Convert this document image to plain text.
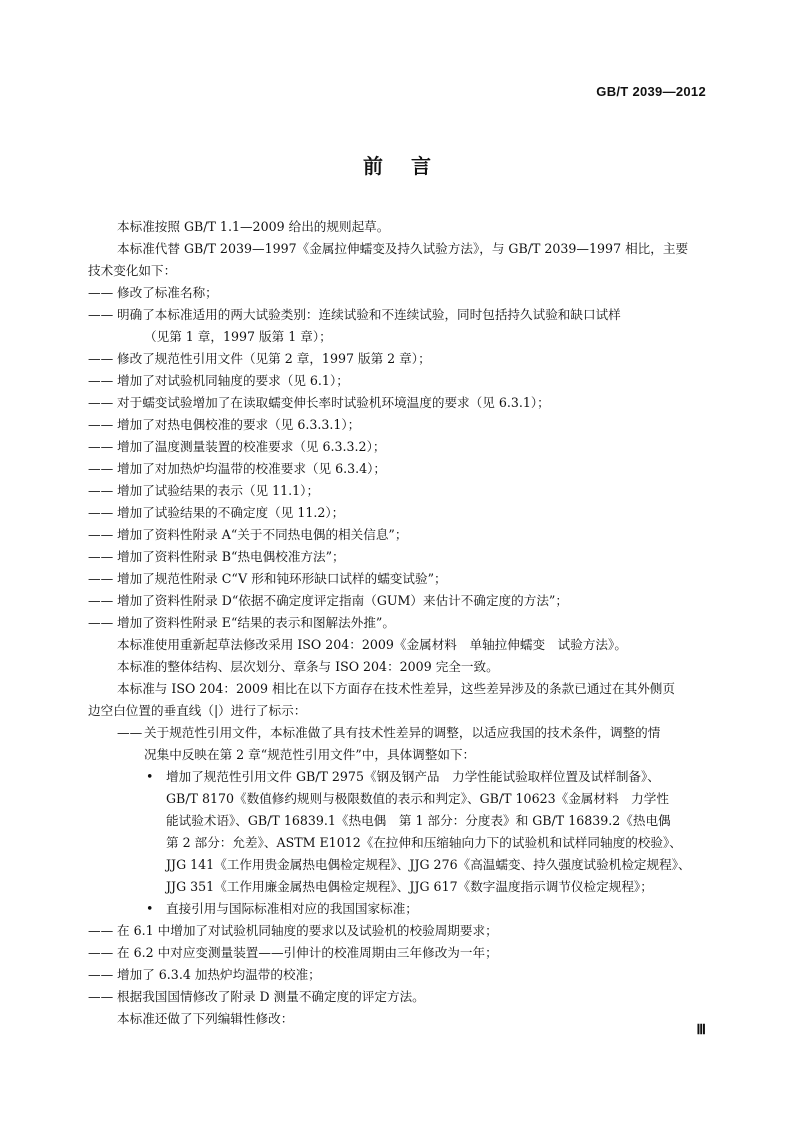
GB/T 2039—2012
前言
本标准按照 GB/T 1.1—2009 给出的规则起草。
本标准代替 GB/T 2039—1997《金属拉伸蠕变及持久试验方法》，与 GB/T 2039—1997 相比，主要
技术变化如下：
—— 修改了标准名称；
—— 明确了本标准适用的两大试验类别：连续试验和不连续试验，同时包括持久试验和缺口试样
（见第 1 章，1997 版第 1 章）；
—— 修改了规范性引用文件（见第 2 章，1997 版第 2 章）；
—— 增加了对试验机同轴度的要求（见 6.1）；
—— 对于蠕变试验增加了在读取蠕变伸长率时试验机环境温度的要求（见 6.3.1）；
—— 增加了对热电偶校准的要求（见 6.3.3.1）；
—— 增加了温度测量装置的校准要求（见 6.3.3.2）；
—— 增加了对加热炉均温带的校准要求（见 6.3.4）；
—— 增加了试验结果的表示（见 11.1）；
—— 增加了试验结果的不确定度（见 11.2）；
—— 增加了资料性附录 A“关于不同热电偶的相关信息”；
—— 增加了资料性附录 B“热电偶校准方法”；
—— 增加了规范性附录 C“V 形和钝环形缺口试样的蠕变试验”；
—— 增加了资料性附录 D“依据不确定度评定指南（GUM）来估计不确定度的方法”；
—— 增加了资料性附录 E“结果的表示和图解法外推”。
本标准使用重新起草法修改采用 ISO 204：2009《金属材料　单轴拉伸蠕变　试验方法》。
本标准的整体结构、层次划分、章条与 ISO 204：2009 完全一致。
本标准与 ISO 204：2009 相比在以下方面存在技术性差异，这些差异涉及的条款已通过在其外侧页
边空白位置的垂直线（|）进行了标示：
—— 关于规范性引用文件，本标准做了具有技术性差异的调整，以适应我国的技术条件，调整的情
况集中反映在第 2 章“规范性引用文件”中，具体调整如下：
• 增加了规范性引用文件 GB/T 2975《钢及钢产品　力学性能试验取样位置及试样制备》、
GB/T 8170《数值修约规则与极限数值的表示和判定》、GB/T 10623《金属材料　力学性
能试验术语》、GB/T 16839.1《热电偶　第 1 部分：分度表》和 GB/T 16839.2《热电偶
第 2 部分：允差》、ASTM E1012《在拉伸和压缩轴向力下的试验机和试样同轴度的校验》、
JJG 141《工作用贵金属热电偶检定规程》、JJG 276《高温蠕变、持久强度试验机检定规程》、
JJG 351《工作用廉金属热电偶检定规程》、JJG 617《数字温度指示调节仪检定规程》；
• 直接引用与国际标准相对应的我国国家标准；
—— 在 6.1 中增加了对试验机同轴度的要求以及试验机的校验周期要求；
—— 在 6.2 中对应变测量装置——引伸计的校准周期由三年修改为一年；
—— 增加了 6.3.4 加热炉均温带的校准；
—— 根据我国国情修改了附录 D 测量不确定度的评定方法。
本标准还做了下列编辑性修改：
Ⅲ
